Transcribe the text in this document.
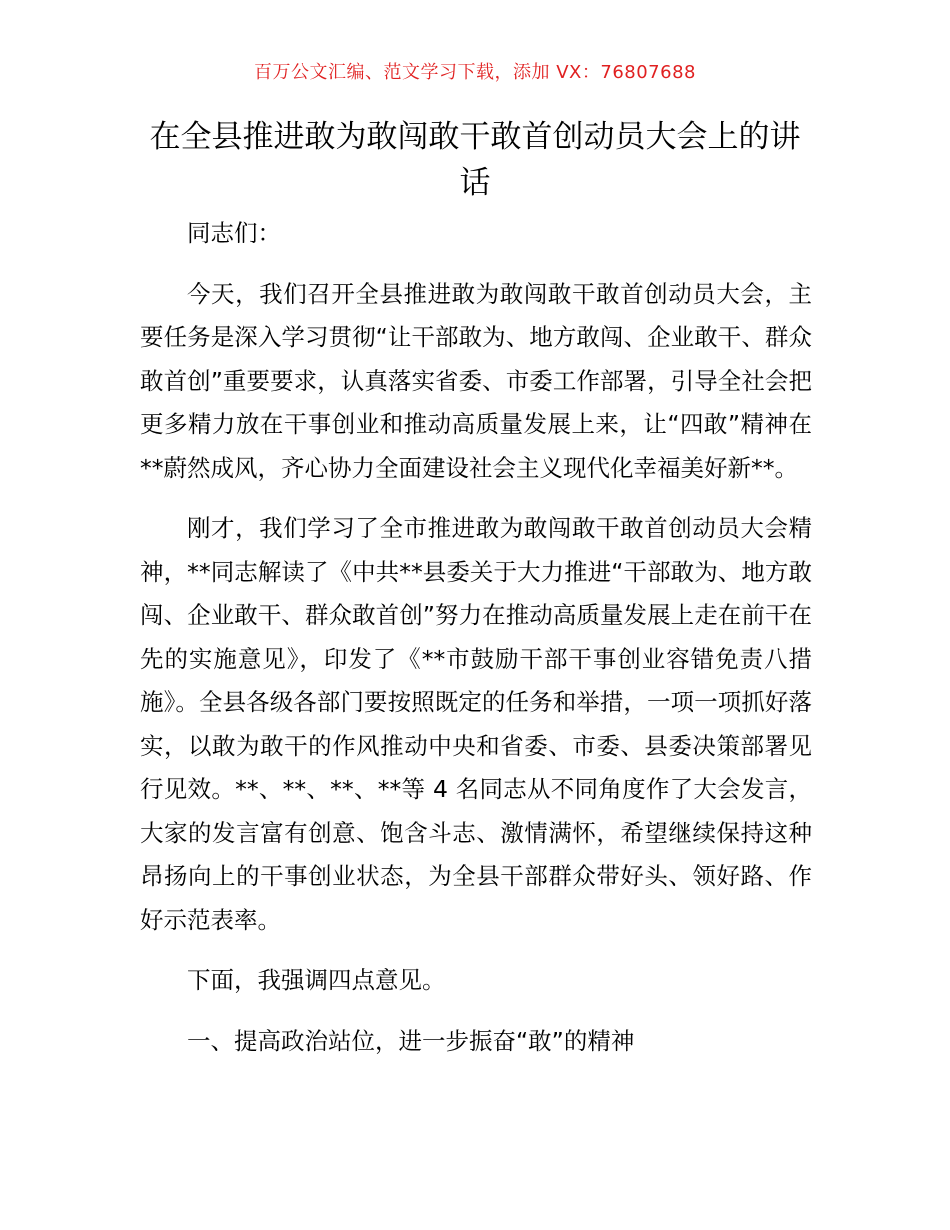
百万公文汇编、范文学习下载，添加 VX：76807688
在全县推进敢为敢闯敢干敢首创动员大会上的讲话

同志们：

今天，我们召开全县推进敢为敢闯敢干敢首创动员大会，主要任务是深入学习贯彻“让干部敢为、地方敢闯、企业敢干、群众敢首创”重要要求，认真落实省委、市委工作部署，引导全社会把更多精力放在干事创业和推动高质量发展上来，让“四敢”精神在**蔚然成风，齐心协力全面建设社会主义现代化幸福美好新**。

刚才，我们学习了全市推进敢为敢闯敢干敢首创动员大会精神，**同志解读了《中共**县委关于大力推进“干部敢为、地方敢闯、企业敢干、群众敢首创”努力在推动高质量发展上走在前干在先的实施意见》，印发了《**市鼓励干部干事创业容错免责八措施》。全县各级各部门要按照既定的任务和举措，一项一项抓好落实，以敢为敢干的作风推动中央和省委、市委、县委决策部署见行见效。**、**、**、**等 4 名同志从不同角度作了大会发言，大家的发言富有创意、饱含斗志、激情满怀，希望继续保持这种昂扬向上的干事创业状态，为全县干部群众带好头、领好路、作好示范表率。

下面，我强调四点意见。

一、提高政治站位，进一步振奋“敢”的精神
